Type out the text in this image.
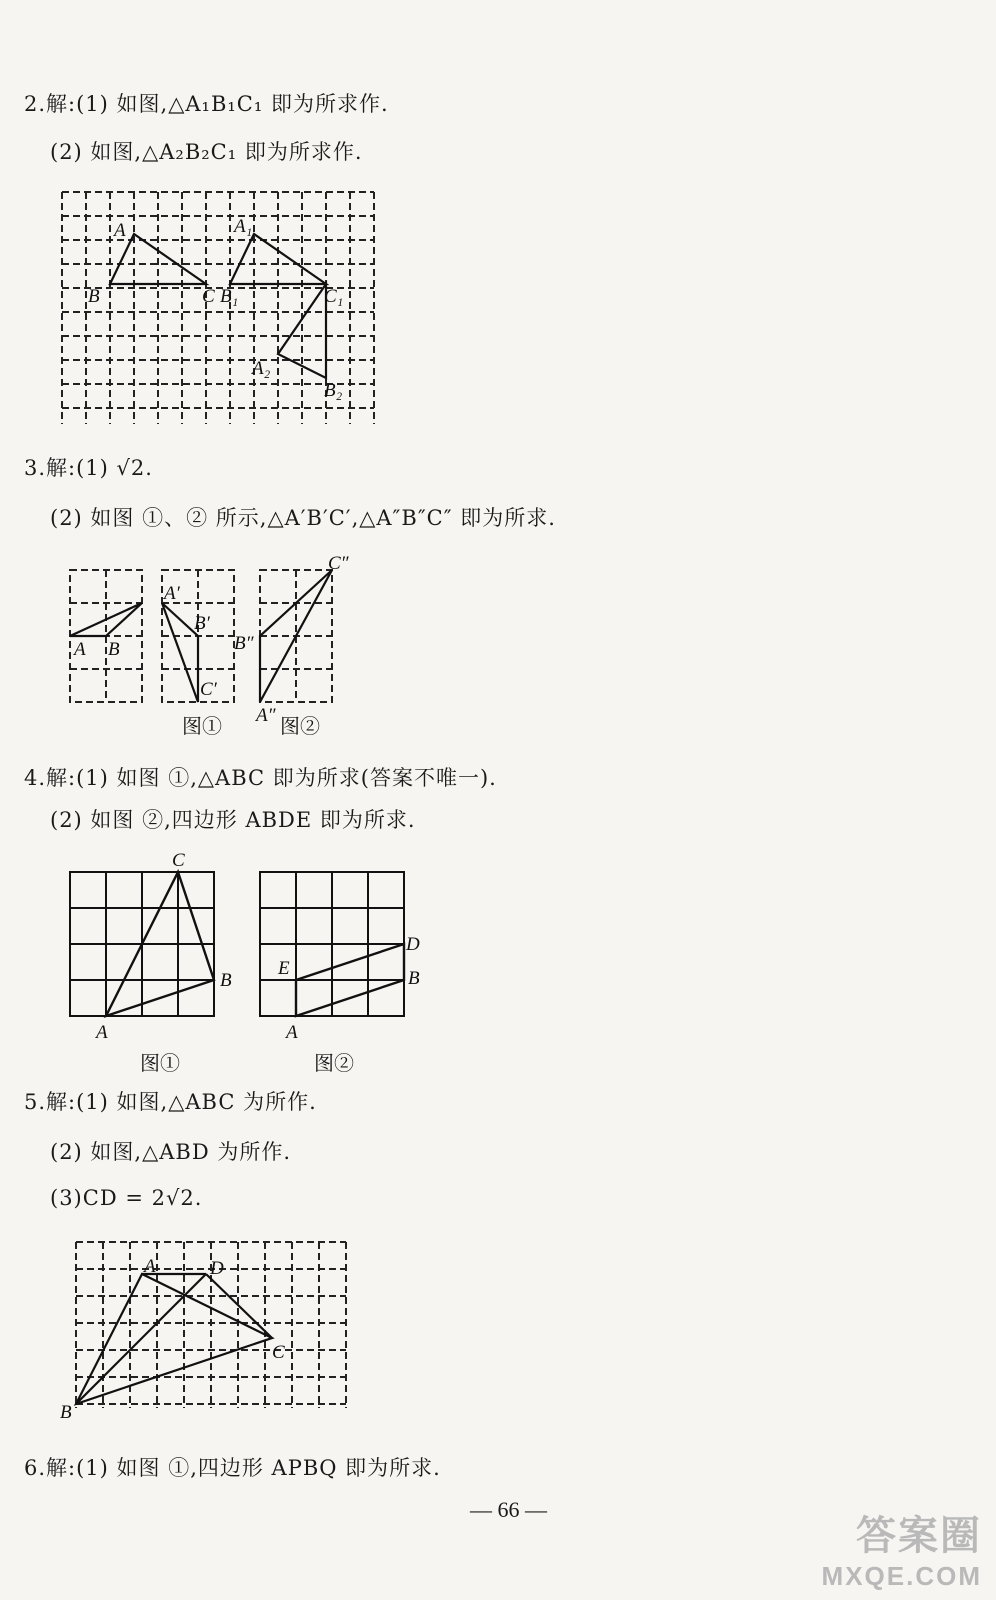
2.解:(1) 如图,△A₁B₁C₁ 即为所求作.
(2) 如图,△A₂B₂C₁ 即为所求作.
3.解:(1) √2.
(2) 如图 ①、② 所示,△A′B′C′,△A″B″C″ 即为所求.
4.解:(1) 如图 ①,△ABC 即为所求(答案不唯一).
(2) 如图 ②,四边形 ABDE 即为所求.
5.解:(1) 如图,△ABC 为所作.
(2) 如图,△ABD 为所作.
(3)CD = 2√2.
6.解:(1) 如图 ①,四边形 APBQ 即为所求.
A
B	C B₁
A₁
C₁
A₂
B₂
A B
A′
B′
C′
A″
B″
C″
图①	图②
C
A
B
D
E	B
A
图①	图②
A	D
C
B
— 66 —
答案圈
MXQE.COM
